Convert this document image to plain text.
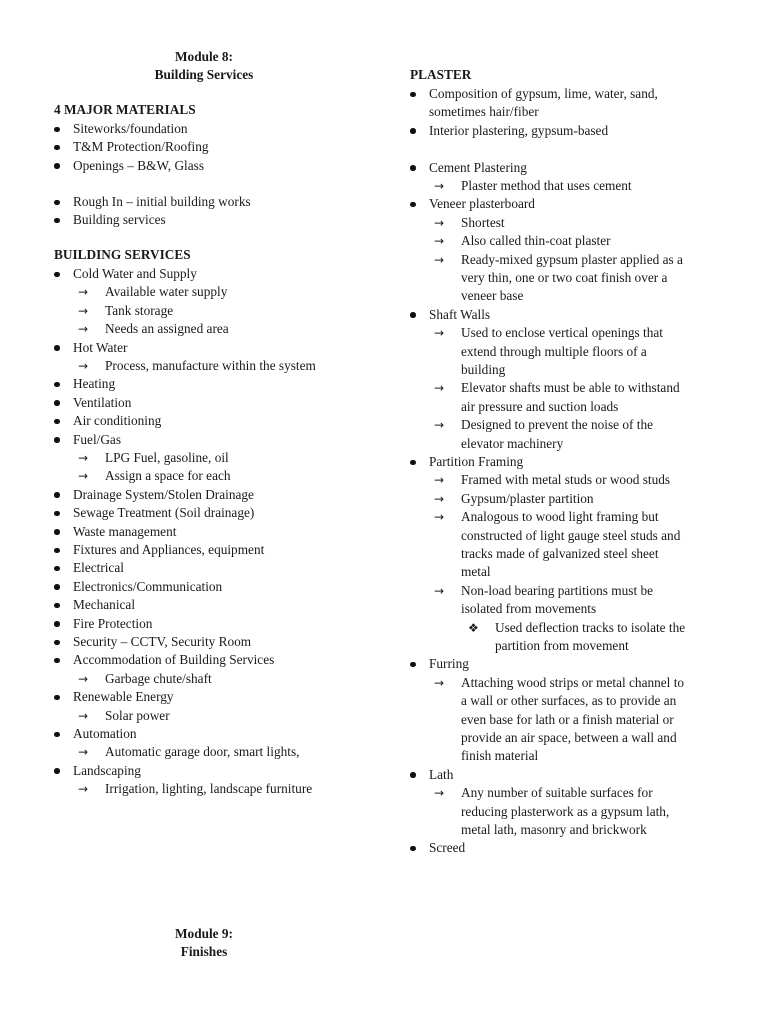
Module 8:
Building Services
4 MAJOR MATERIALS
BUILDING SERVICES
Module 9:
Finishes
Siteworks/foundation
T&M Protection/Roofing
Openings – B&W, Glass
Rough In – initial building works
Building services
Cold Water and Supply
→ Available water supply
→ Tank storage
→ Needs an assigned area
Hot Water
→ Process, manufacture within the system
Heating
Ventilation
Air conditioning
Fuel/Gas
→ LPG Fuel, gasoline, oil
→ Assign a space for each
Drainage System/Stolen Drainage
Sewage Treatment (Soil drainage)
Waste management
Fixtures and Appliances, equipment
Electrical
Electronics/Communication
Mechanical
Fire Protection
Security – CCTV, Security Room
Accommodation of Building Services
→ Garbage chute/shaft
Renewable Energy
→ Solar power
Automation
→ Automatic garage door, smart lights,
Landscaping
→ Irrigation, lighting, landscape furniture
PLASTER
Composition of gypsum, lime, water, sand,
sometimes hair/fiber
Interior plastering, gypsum-based
Cement Plastering
→ Plaster method that uses cement
Veneer plasterboard
→ Shortest
→ Also called thin-coat plaster
→ Ready-mixed gypsum plaster applied as a
very thin, one or two coat finish over a
veneer base
Shaft Walls
→ Used to enclose vertical openings that
extend through multiple floors of a
building
→ Elevator shafts must be able to withstand
air pressure and suction loads
→ Designed to prevent the noise of the
elevator machinery
Partition Framing
→ Framed with metal studs or wood studs
→ Gypsum/plaster partition
→ Analogous to wood light framing but
constructed of light gauge steel studs and
tracks made of galvanized steel sheet
metal
→ Non-load bearing partitions must be
isolated from movements
❖ Used deflection tracks to isolate the
partition from movement
Furring
→ Attaching wood strips or metal channel to
a wall or other surfaces, as to provide an
even base for lath or a finish material or
provide an air space, between a wall and
finish material
Lath
→ Any number of suitable surfaces for
reducing plasterwork as a gypsum lath,
metal lath, masonry and brickwork
Screed
